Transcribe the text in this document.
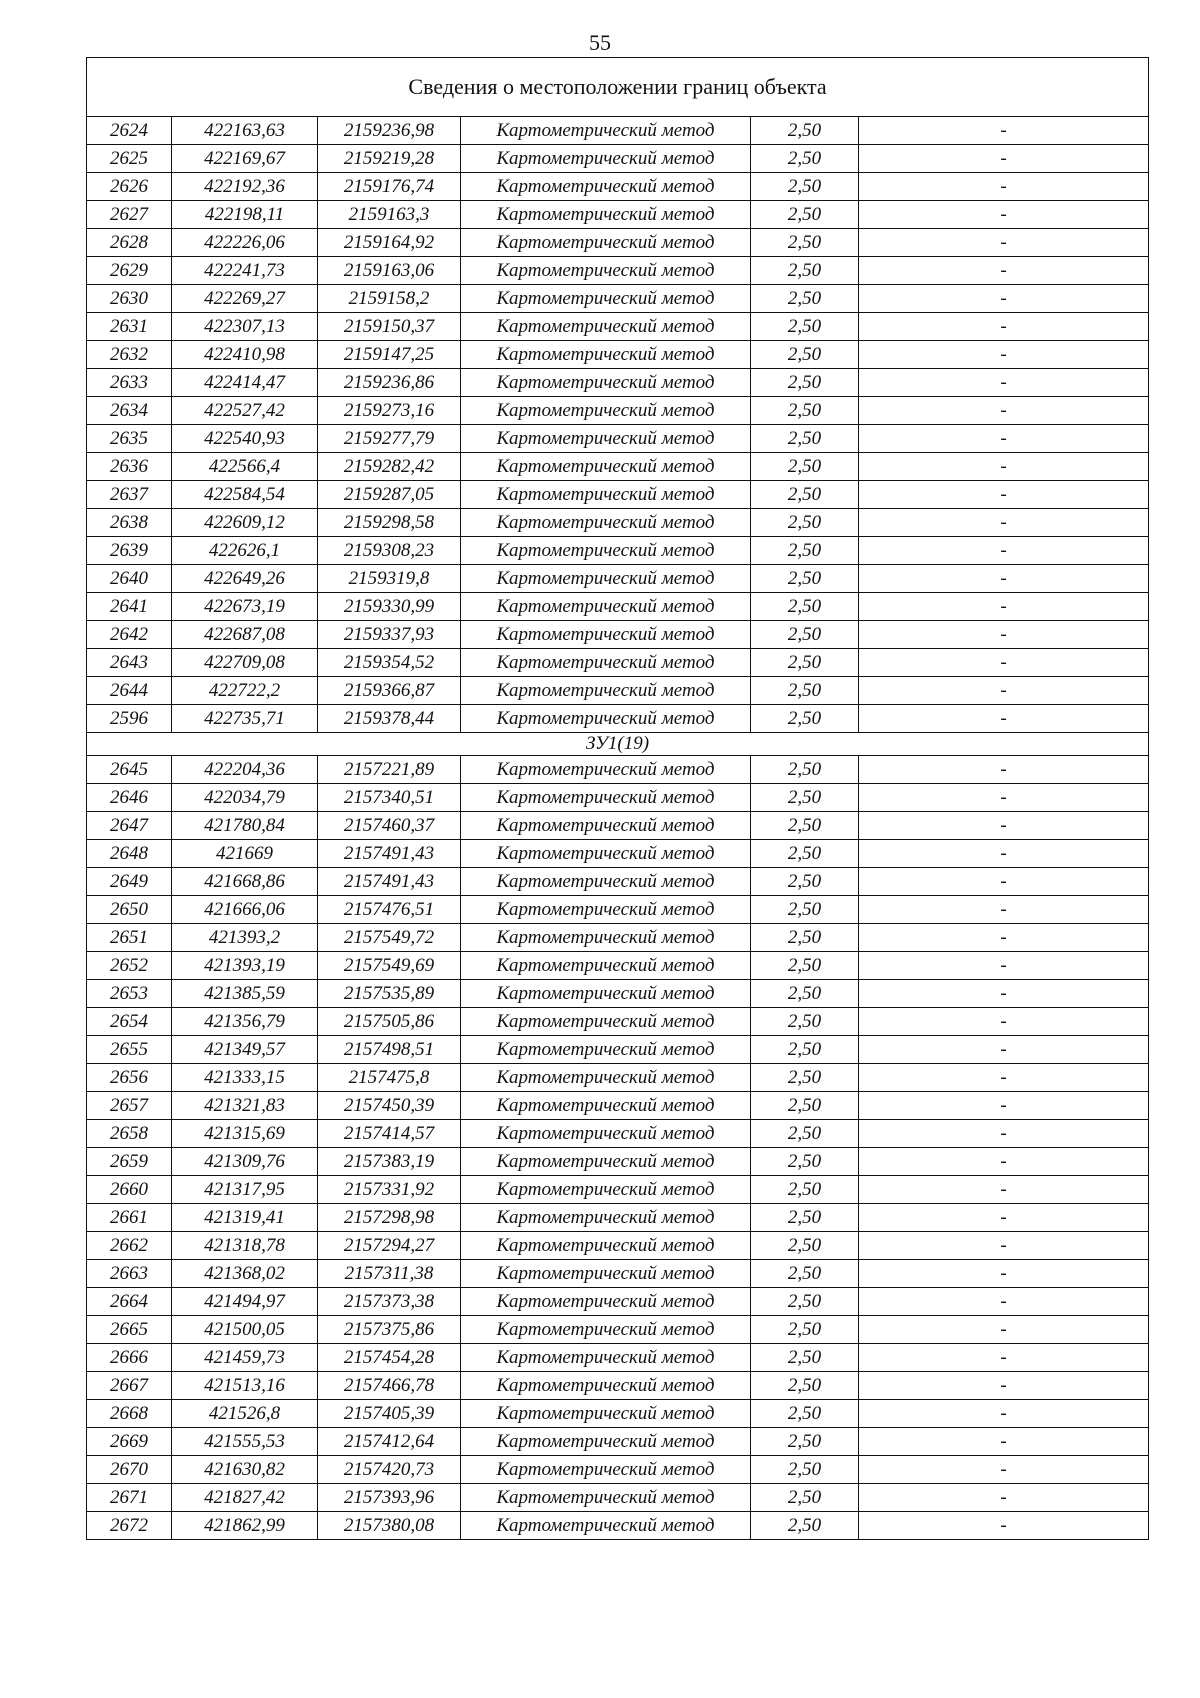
55
Сведения о местоположении границ объекта					
2624	422163,63	2159236,98	Картометрический метод	2,50	-
2625	422169,67	2159219,28	Картометрический метод	2,50	-
2626	422192,36	2159176,74	Картометрический метод	2,50	-
2627	422198,11	2159163,3	Картометрический метод	2,50	-
2628	422226,06	2159164,92	Картометрический метод	2,50	-
2629	422241,73	2159163,06	Картометрический метод	2,50	-
2630	422269,27	2159158,2	Картометрический метод	2,50	-
2631	422307,13	2159150,37	Картометрический метод	2,50	-
2632	422410,98	2159147,25	Картометрический метод	2,50	-
2633	422414,47	2159236,86	Картометрический метод	2,50	-
2634	422527,42	2159273,16	Картометрический метод	2,50	-
2635	422540,93	2159277,79	Картометрический метод	2,50	-
2636	422566,4	2159282,42	Картометрический метод	2,50	-
2637	422584,54	2159287,05	Картометрический метод	2,50	-
2638	422609,12	2159298,58	Картометрический метод	2,50	-
2639	422626,1	2159308,23	Картометрический метод	2,50	-
2640	422649,26	2159319,8	Картометрический метод	2,50	-
2641	422673,19	2159330,99	Картометрический метод	2,50	-
2642	422687,08	2159337,93	Картометрический метод	2,50	-
2643	422709,08	2159354,52	Картометрический метод	2,50	-
2644	422722,2	2159366,87	Картометрический метод	2,50	-
2596	422735,71	2159378,44	Картометрический метод	2,50	-
ЗУ1(19)					
2645	422204,36	2157221,89	Картометрический метод	2,50	-
2646	422034,79	2157340,51	Картометрический метод	2,50	-
2647	421780,84	2157460,37	Картометрический метод	2,50	-
2648	421669	2157491,43	Картометрический метод	2,50	-
2649	421668,86	2157491,43	Картометрический метод	2,50	-
2650	421666,06	2157476,51	Картометрический метод	2,50	-
2651	421393,2	2157549,72	Картометрический метод	2,50	-
2652	421393,19	2157549,69	Картометрический метод	2,50	-
2653	421385,59	2157535,89	Картометрический метод	2,50	-
2654	421356,79	2157505,86	Картометрический метод	2,50	-
2655	421349,57	2157498,51	Картометрический метод	2,50	-
2656	421333,15	2157475,8	Картометрический метод	2,50	-
2657	421321,83	2157450,39	Картометрический метод	2,50	-
2658	421315,69	2157414,57	Картометрический метод	2,50	-
2659	421309,76	2157383,19	Картометрический метод	2,50	-
2660	421317,95	2157331,92	Картометрический метод	2,50	-
2661	421319,41	2157298,98	Картометрический метод	2,50	-
2662	421318,78	2157294,27	Картометрический метод	2,50	-
2663	421368,02	2157311,38	Картометрический метод	2,50	-
2664	421494,97	2157373,38	Картометрический метод	2,50	-
2665	421500,05	2157375,86	Картометрический метод	2,50	-
2666	421459,73	2157454,28	Картометрический метод	2,50	-
2667	421513,16	2157466,78	Картометрический метод	2,50	-
2668	421526,8	2157405,39	Картометрический метод	2,50	-
2669	421555,53	2157412,64	Картометрический метод	2,50	-
2670	421630,82	2157420,73	Картометрический метод	2,50	-
2671	421827,42	2157393,96	Картометрический метод	2,50	-
2672	421862,99	2157380,08	Картометрический метод	2,50	-
